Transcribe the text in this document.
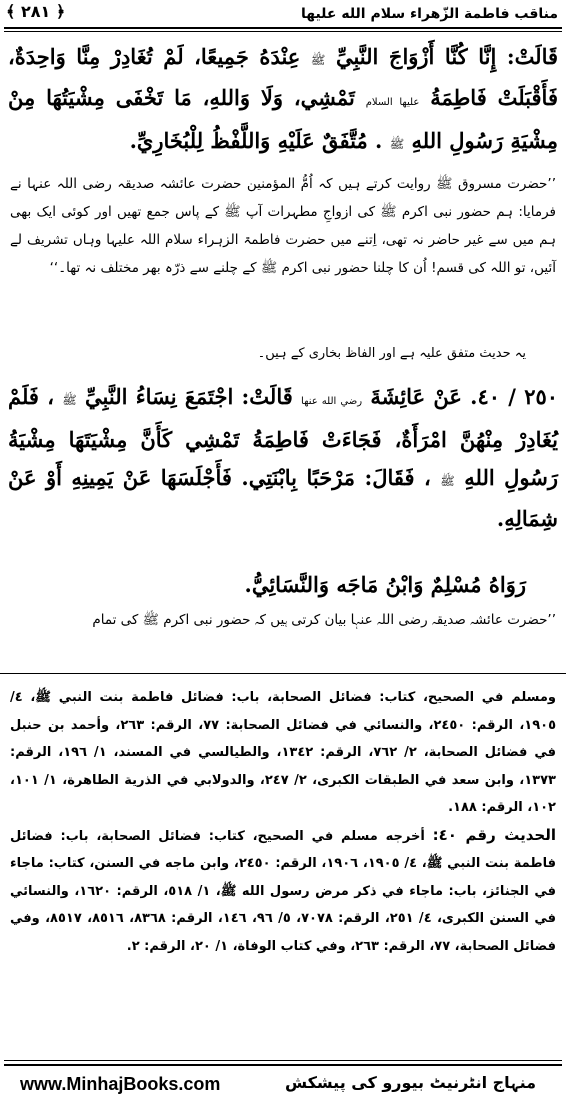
مناقب فاطمة الزّهراء سلام الله عليها
﴾ ٢٨١ ﴿
قَالَتْ: إِنَّا كُنَّا أَزْوَاجَ النَّبِيِّ ﷺ عِنْدَهُ جَمِيعًا، لَمْ تُغَادِرْ مِنَّا وَاحِدَةٌ، فَأَقْبَلَتْ فَاطِمَةُ عليها السلام تَمْشِي، وَلَا وَاللهِ، مَا تَخْفَى مِشْيَتُهَا مِنْ مِشْيَةِ رَسُولِ اللهِ ﷺ . مُتَّفَقٌ عَلَيْهِ وَاللَّفْظُ لِلْبُخَارِيِّ.
’’حضرت مسروق ﷺ روایت کرتے ہیں کہ اُمُّ المؤمنین حضرت عائشہ صدیقہ رضی اللہ عنہا نے فرمایا: ہم حضور نبی اکرم ﷺ کی ازواجِ مطہرات آپ ﷺ کے پاس جمع تھیں اور کوئی ایک بھی ہم میں سے غیر حاضر نہ تھی، اِتنے میں حضرت فاطمۃ الزہراء سلام اللہ علیہا وہاں تشریف لے آئیں، تو اللہ کی قسم! اُن کا چلنا حضور نبی اکرم ﷺ کے چلنے سے ذرّہ بھر مختلف نہ تھا۔‘‘
یہ حدیث متفق علیہ ہے اور الفاظ بخاری کے ہیں۔
٢٥٠ / ٤٠. عَنْ عَائِشَةَ رضي الله عنها قَالَتْ: اجْتَمَعَ نِسَاءُ النَّبِيِّ ﷺ ، فَلَمْ يُغَادِرْ مِنْهُنَّ امْرَأَةٌ، فَجَاءَتْ فَاطِمَةُ تَمْشِي كَأَنَّ مِشْيَتَهَا مِشْيَةُ رَسُولِ اللهِ ﷺ ، فَقَالَ: مَرْحَبًا بِابْنَتِي. فَأَجْلَسَهَا عَنْ يَمِينِهِ أَوْ عَنْ شِمَالِهِ.
رَوَاهُ مُسْلِمٌ وَابْنُ مَاجَه وَالنَّسَائِيُّ.
’’حضرت عائشہ صدیقہ رضی اللہ عنہا بیان کرتی ہیں کہ حضور نبی اکرم ﷺ کی تمام

ومسلم في الصحيح، كتاب: فضائل الصحابة، باب: فضائل فاطمة بنت النبي ﷺ، ٤/ ١٩٠٥، الرقم: ٢٤٥٠، والنسائي في فضائل الصحابة: ٧٧، الرقم: ٢٦٣، وأحمد بن حنبل في فضائل الصحابة، ٢/ ٧٦٢، الرقم: ١٣٤٢، والطيالسي في المسند، ١/ ١٩٦، الرقم: ١٣٧٣، وابن سعد في الطبقات الكبرى، ٢/ ٢٤٧، والدولابي في الذرية الطاهرة، ١/ ١٠١، ١٠٢، الرقم: ١٨٨.

الحديث رقم ٤٠: أخرجه مسلم في الصحيح، كتاب: فضائل الصحابة، باب: فضائل فاطمة بنت النبي ﷺ، ٤/ ١٩٠٥، ١٩٠٦، الرقم: ٢٤٥٠، وابن ماجه في السنن، كتاب: ماجاء في الجنائز، باب: ماجاء في ذكر مرض رسول الله ﷺ، ١/ ٥١٨، الرقم: ١٦٢٠، والنسائي في السنن الكبرى، ٤/ ٢٥١، الرقم: ٧٠٧٨، ٥/ ٩٦، ١٤٦، الرقم: ٨٣٦٨، ٨٥١٦، ٨٥١٧، وفي فضائل الصحابة، ٧٧، الرقم: ٢٦٣، وفي كتاب الوفاة، ١/ ٢٠، الرقم: ٢.

www.MinhajBooks.com	منہاج انٹرنیٹ بیورو کی پیشکش
